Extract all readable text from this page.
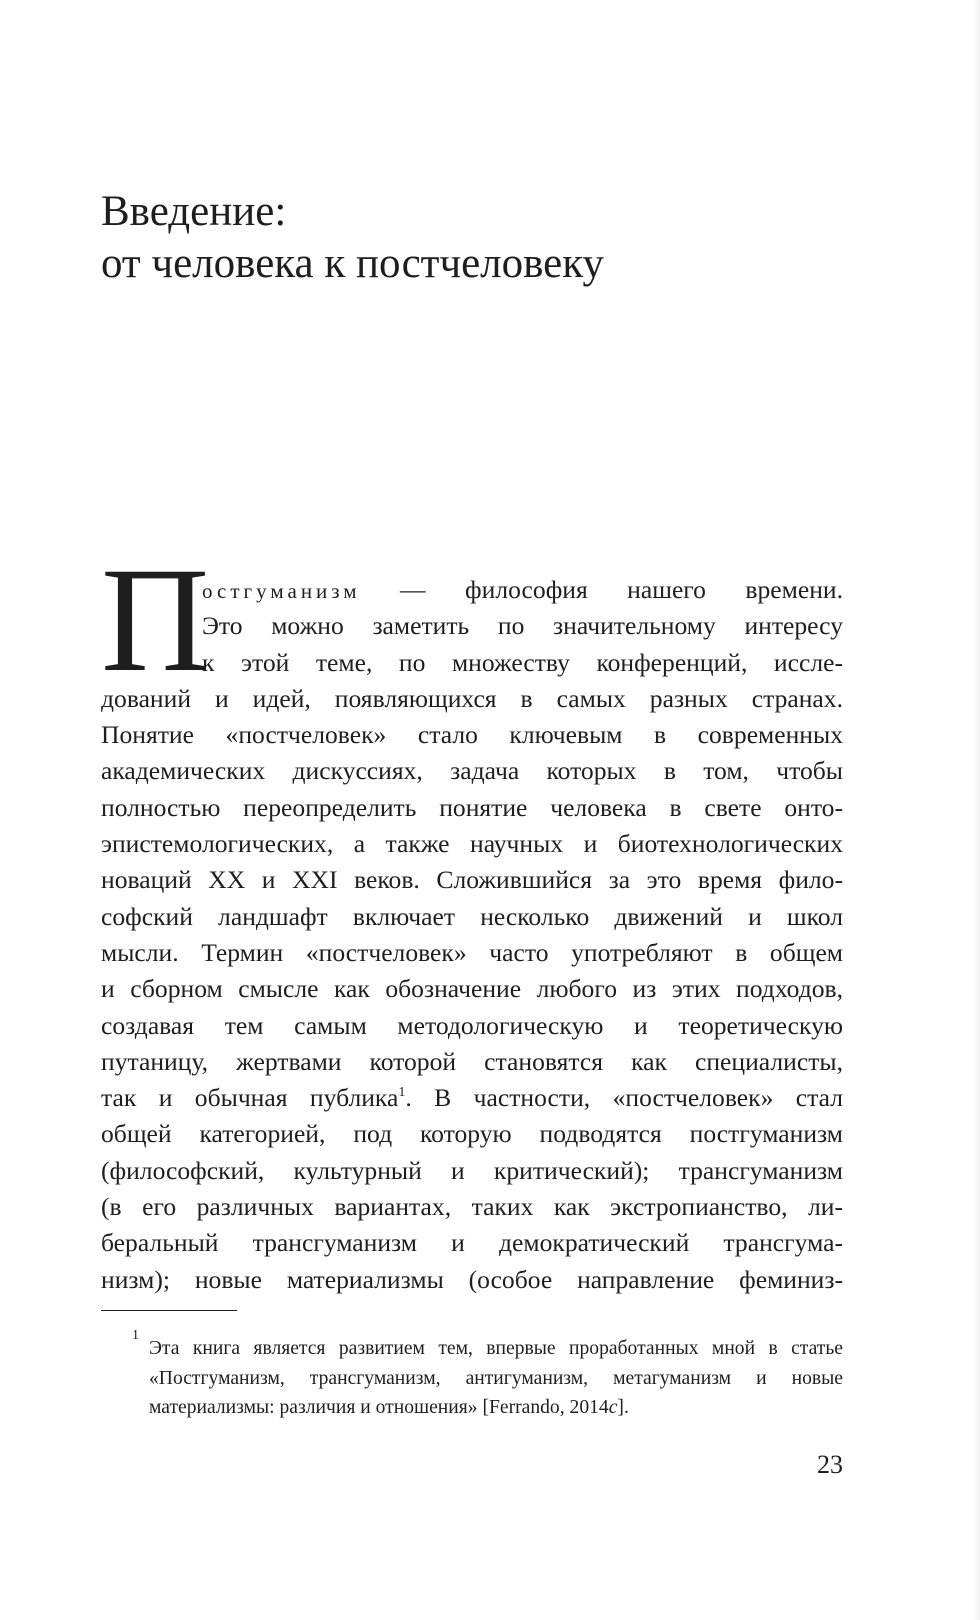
Введение:
от человека к постчеловеку
П
остгуманизм — философия нашего времени.
Это можно заметить по значительному интересу
к этой теме, по множеству конференций, иссле-
дований и идей, появляющихся в самых разных странах.
Понятие «постчеловек» стало ключевым в современных
академических дискуссиях, задача которых в том, чтобы
полностью переопределить понятие человека в свете онто-
эпистемологических, а также научных и биотехнологических
новаций XX и XXI веков. Сложившийся за это время фило-
софский ландшафт включает несколько движений и школ
мысли. Термин «постчеловек» часто употребляют в общем
и сборном смысле как обозначение любого из этих подходов,
создавая тем самым методологическую и теоретическую
путаницу, жертвами которой становятся как специалисты,
так и обычная публика$^1$. В частности, «постчеловек» стал
общей категорией, под которую подводятся постгуманизм
(философский, культурный и критический); трансгуманизм
(в его различных вариантах, таких как экстропианство, ли-
беральный трансгуманизм и демократический трансгума-
низм); новые материализмы (особое направление феминиз-
1
Эта книга является развитием тем, впервые проработанных мной в статье
«Постгуманизм, трансгуманизм, антигуманизм, метагуманизм и новые
материализмы: различия и отношения» [Ferrando, 2014c].
23
